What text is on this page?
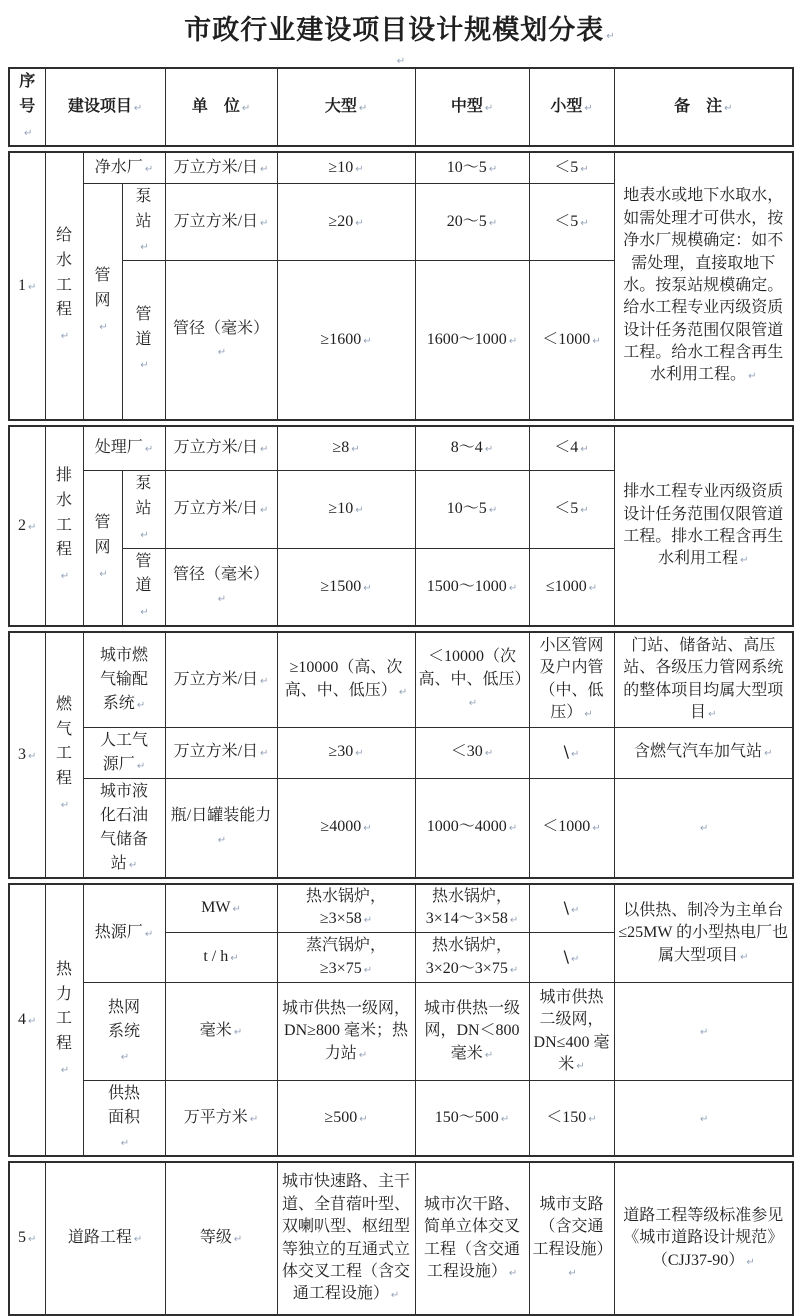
市政行业建设项目设计规模划分表 ↵
↵
序号 ↵	建设项目 ↵	单　位 ↵	大型 ↵	中型 ↵	小型 ↵	备　注 ↵
1 ↵	给水工程 ↵	净水厂 ↵		万立方米/日 ↵	≥10 ↵	10～5 ↵	＜5 ↵	地表水或地下水取水，如需处理才可供水，按净水厂规模确定：如不需处理，直接取地下水。按泵站规模确定。给水工程专业丙级资质设计任务范围仅限管道工程。给水工程含再生水利用工程。 ↵
		管网 ↵	泵站 ↵	万立方米/日 ↵	≥20 ↵	20～5 ↵	＜5 ↵
			管道 ↵	管径（毫米） ↵	≥1600 ↵	1600～1000 ↵	＜1000 ↵
2 ↵	排水工程 ↵	处理厂 ↵		万立方米/日 ↵	≥8 ↵	8～4 ↵	＜4 ↵	排水工程专业丙级资质设计任务范围仅限管道工程。排水工程含再生水利用工程 ↵
		管网 ↵	泵站 ↵	万立方米/日 ↵	≥10 ↵	10～5 ↵	＜5 ↵
			管道 ↵	管径（毫米） ↵	≥1500 ↵	1500～1000 ↵	≤1000 ↵
3 ↵	燃气工程 ↵	城市燃气输配系统 ↵	万立方米/日 ↵	≥10000（高、次高、中、低压） ↵	＜10000（次高、中、低压） ↵	小区管网及户内管（中、低压） ↵	门站、储备站、高压站、各级压力管网系统的整体项目均属大型项目 ↵
		人工气源厂 ↵	万立方米/日 ↵	≥30 ↵	＜30 ↵	\ ↵	含燃气汽车加气站 ↵
		城市液化石油气储备站 ↵	瓶/日罐装能力 ↵	≥4000 ↵	1000～4000 ↵	＜1000 ↵	↵
4 ↵	热力工程 ↵	热源厂 ↵	MW ↵	热水锅炉，≥3×58 ↵	热水锅炉，3×14～3×58 ↵	\ ↵	以供热、制冷为主单台≤25MW 的小型热电厂也属大型项目 ↵
			t / h ↵	蒸汽锅炉，≥3×75 ↵	热水锅炉，3×20～3×75 ↵	\ ↵
		热网系统 ↵	毫米 ↵	城市供热一级网，DN≥800 毫米；热力站 ↵	城市供热一级网，DN＜800 毫米 ↵	城市供热二级网，DN≤400 毫米 ↵	↵
		供热面积 ↵	万平方米 ↵	≥500 ↵	150～500 ↵	＜150 ↵	↵
5 ↵	道路工程 ↵	等级 ↵	城市快速路、主干道、全苜蓿叶型、双喇叭型、枢纽型等独立的互通式立体交叉工程（含交通工程设施） ↵	城市次干路、简单立体交叉工程（含交通工程设施） ↵	城市支路（含交通工程设施） ↵	道路工程等级标准参见《城市道路设计规范》（CJJ37-90） ↵
